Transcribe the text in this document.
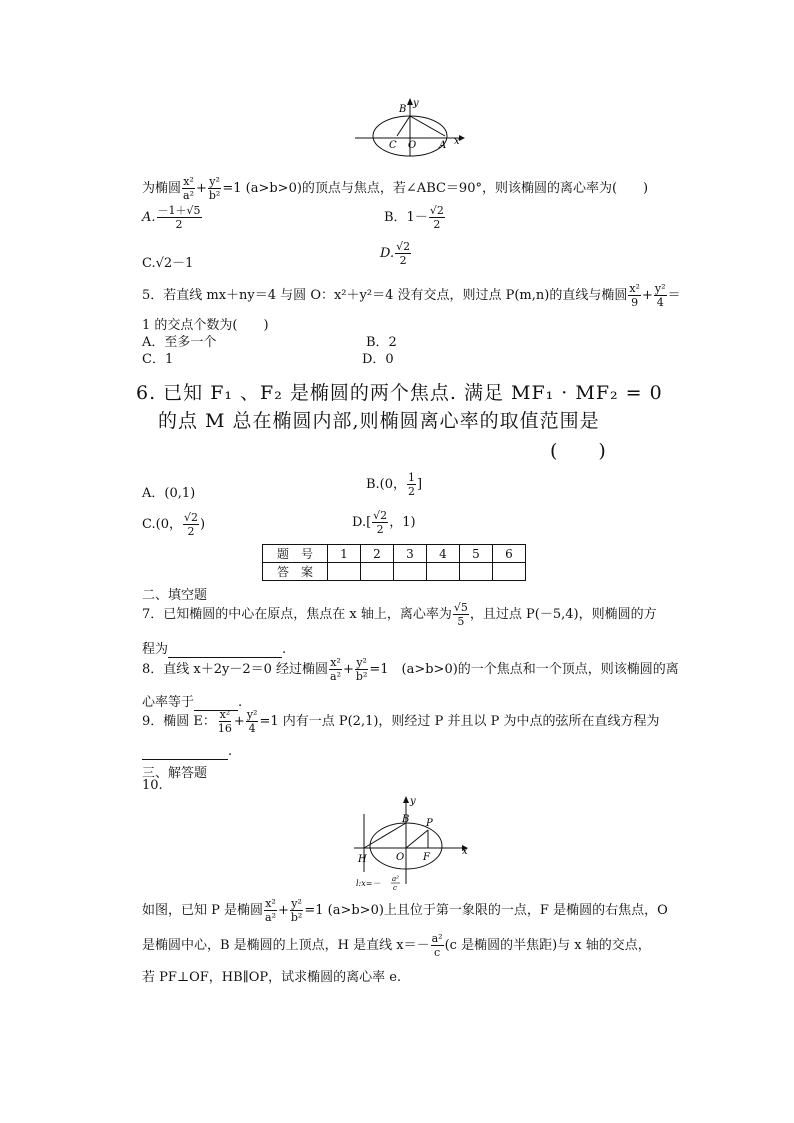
B
C O A x
y
为椭圆 $\frac{\text{x²}}{\text{a²}} + \frac{\text{y²}}{\text{b²}} =1$ (a>b>0)的顶点与焦点，若∠ABC＝90°，则该椭圆的离心率为(　　)
A. $\frac{-1+√5}{2}$	B．$1- \frac{√2}{2}$
C.√2－1
D. $\frac{√2}{2}$
5．若直线 mx＋ny＝4 与圆 O：x²＋y²＝4 没有交点，则过点 P(m,n)的直线与椭圆 $\frac{\text{x²}}{9} + \frac{\text{y²}}{4}$ ＝
1 的交点个数为(　　)
A．至多一个	B．2
C．1	D．0
6. 已知 F₁ 、F₂ 是椭圆的两个焦点. 满足 MF₁ · MF₂ = 0
的点 M 总在椭圆内部,则椭圆离心率的取值范围是
(　　)
A．(0,1)
B.(0， $\frac{1}{2}$ ]
C.(0， $\frac{√2}{2}$ )	$D.[ \frac{√2}{2}$ ，1)
题　号	1	2	3	4	5	6
答　案						
二、填空题
7．已知椭圆的中心在原点，焦点在 x 轴上，离心率为 $\frac{√5}{5}$ ，且过点 P(－5,4)，则椭圆的方
程为	.
8．直线 x＋2y－2＝0 经过椭圆 $\frac{\text{x²}}{\text{a²}} + \frac{\text{y²}}{\text{b²}} =1$　(a>b>0)的一个焦点和一个顶点，则该椭圆的离
心率等于	.
9．椭圆 E： $\frac{\text{x²}}{16} + \frac{\text{y²}}{4} =1$ 内有一点 P(2,1)，则经过 P 并且以 P 为中点的弦所在直线方程为
.
三、解答题
10.
H	O F
B P
x
y
l:x=－ a²
c
如图，已知 P 是椭圆 $\frac{\text{x²}}{\text{a²}} + \frac{\text{y²}}{\text{b²}} =1$ (a>b>0)上且位于第一象限的一点，F 是椭圆的右焦点，O
是椭圆中心，B 是椭圆的上顶点，H 是直线 $x=- \frac{\text{a²}}{c} (c$ 是椭圆的半焦距)与 x 轴的交点，
若 PF⊥OF，HB∥OP，试求椭圆的离心率 e.
